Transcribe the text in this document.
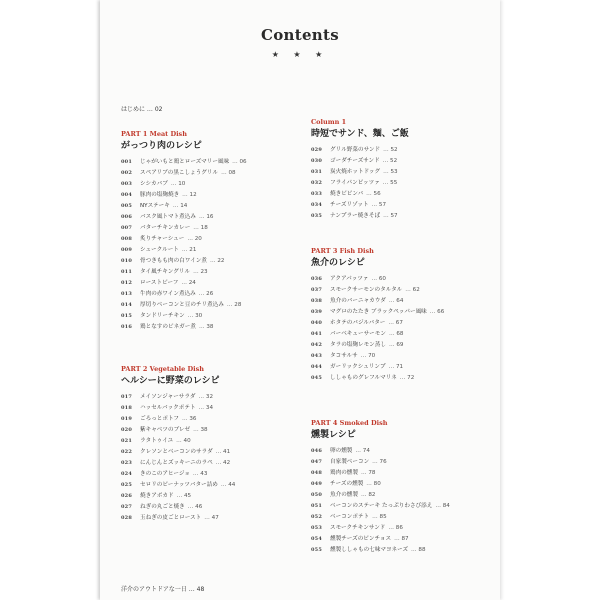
Contents
★ ★ ★
はじめに … 02
PART 1 Meat Dish
がっつり肉のレシピ
001	じゃがいもと鶏とローズマリー風味 … 06
002	スペアリブの黒こしょうグリル … 08
003	シシカバブ … 10
004	豚肉の塩麹焼き … 12
005	NYステーキ … 14
006	バスク風トマト煮込み … 16
007	バターチキンカレー … 18
008	炙りチャーシュー … 20
009	シュークルート … 21
010	骨つきもも肉の白ワイン煮 … 22
011	タイ風チキングリル … 23
012	ローストビーフ … 24
013	牛肉の赤ワイン煮込み … 26
014	厚切りベーコンと豆のチリ煮込み … 28
015	タンドリーチキン … 30
016	鶏となすのビネガー煮 … 38
PART 2 Vegetable Dish
ヘルシーに野菜のレシピ
017	メイソンジャーサラダ … 32
018	ハッセルバックポテト … 34
019	ごろっとポトフ … 36
020	紫キャベツのブレゼ … 38
021	ラタトゥイユ … 40
022	クレソンとベーコンのサラダ … 41
023	にんじんとズッキーニのラペ … 42
024	きのこのアヒージョ … 43
025	セロリのピーナッツバター詰め … 44
026	焼きアボカド … 45
027	ねぎの丸ごと焼き … 46
028	玉ねぎの皮ごとロースト … 47
Column 1
時短でサンド、麺、ご飯
029	グリル野菜のサンド … 52
030	ゴーダチーズサンド … 52
031	炭火焼ホットドッグ … 53
032	フライパンピッツァ … 55
033	焼きビビンバ … 56
034	チーズリゾット … 57
035	ナンプラー焼きそば … 57
PART 3 Fish Dish
魚介のレシピ
036	アクアパッツァ … 60
037	スモークサーモンのタルタル … 62
038	魚介のバーニャカウダ … 64
039	マグロのたたき ブラックペッパー風味 … 66
040	ホタテのバジルバター … 67
041	バーベキューサーモン … 68
042	タラの塩麹レモン蒸し … 69
043	タコサルサ … 70
044	ガーリックシュリンプ … 71
045	ししゃものグレフルマリネ … 72
PART 4 Smoked Dish
燻製レシピ
046	卵の燻製 … 74
047	自家製ベーコン … 76
048	鶏肉の燻製 … 78
049	チーズの燻製 … 80
050	魚介の燻製 … 82
051	ベーコンのステーキ たっぷりわさび添え … 84
052	ベーコンポテト … 85
053	スモークチキンサンド … 86
054	燻製チーズのピンチョス … 87
055	燻製ししゃもの七味マヨネーズ … 88
洋介のアウトドアな一日 … 48
